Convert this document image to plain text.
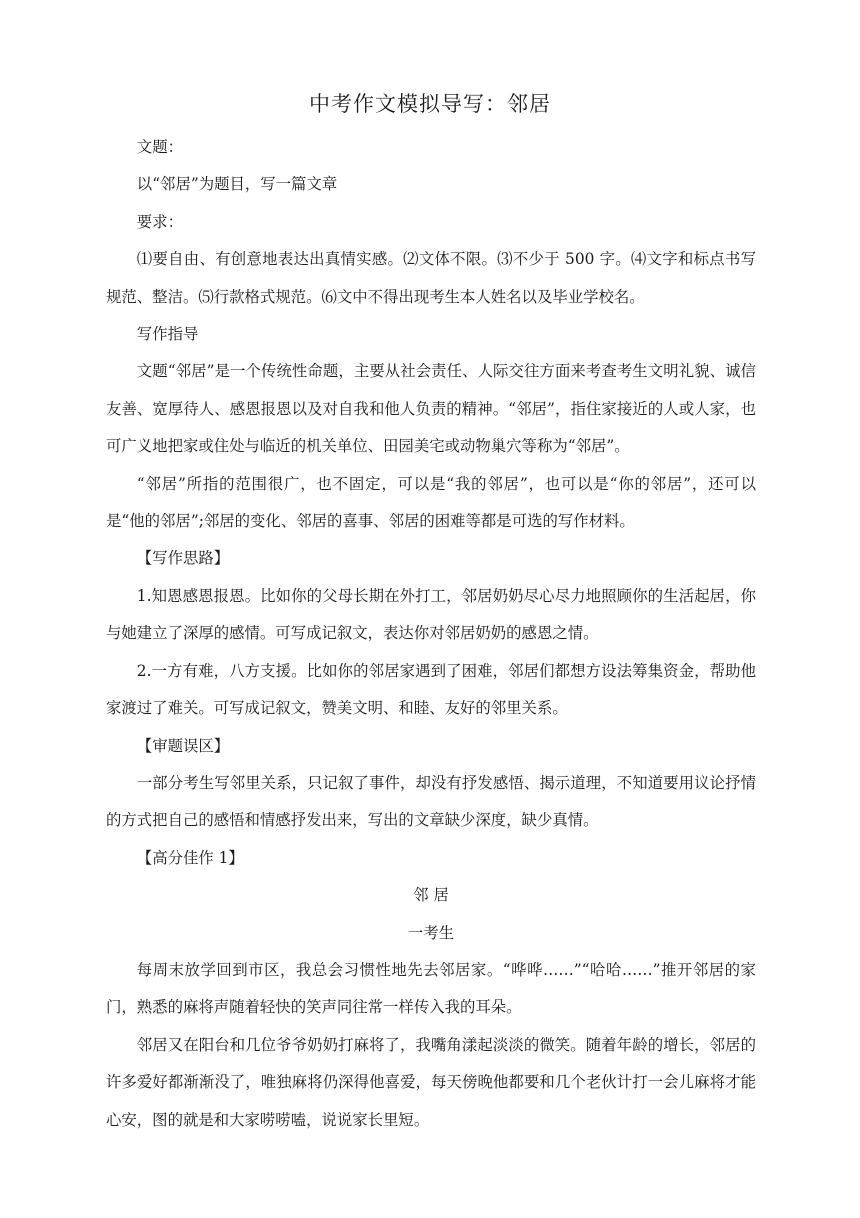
中考作文模拟导写：邻居

文题：

以“邻居”为题目，写一篇文章

要求：

⑴要自由、有创意地表达出真情实感。⑵文体不限。⑶不少于 500 字。⑷文字和标点书写规范、整洁。⑸行款格式规范。⑹文中不得出现考生本人姓名以及毕业学校名。

写作指导

文题“邻居”是一个传统性命题，主要从社会责任、人际交往方面来考查考生文明礼貌、诚信友善、宽厚待人、感恩报恩以及对自我和他人负责的精神。“邻居”，指住家接近的人或人家，也可广义地把家或住处与临近的机关单位、田园美宅或动物巢穴等称为“邻居”。

“邻居”所指的范围很广，也不固定，可以是“我的邻居”，也可以是“你的邻居”，还可以是“他的邻居”;邻居的变化、邻居的喜事、邻居的困难等都是可选的写作材料。

【写作思路】

1.知恩感恩报恩。比如你的父母长期在外打工，邻居奶奶尽心尽力地照顾你的生活起居，你与她建立了深厚的感情。可写成记叙文，表达你对邻居奶奶的感恩之情。

2.一方有难，八方支援。比如你的邻居家遇到了困难，邻居们都想方设法筹集资金，帮助他家渡过了难关。可写成记叙文，赞美文明、和睦、友好的邻里关系。

【审题误区】

一部分考生写邻里关系，只记叙了事件，却没有抒发感悟、揭示道理，不知道要用议论抒情的方式把自己的感悟和情感抒发出来，写出的文章缺少深度，缺少真情。

【高分佳作 1】

邻 居

一考生

每周末放学回到市区，我总会习惯性地先去邻居家。“哗哗……”“哈哈……”推开邻居的家门，熟悉的麻将声随着轻快的笑声同往常一样传入我的耳朵。

邻居又在阳台和几位爷爷奶奶打麻将了，我嘴角漾起淡淡的微笑。随着年龄的增长，邻居的许多爱好都渐渐没了，唯独麻将仍深得他喜爱，每天傍晚他都要和几个老伙计打一会儿麻将才能心安，图的就是和大家唠唠嗑，说说家长里短。
